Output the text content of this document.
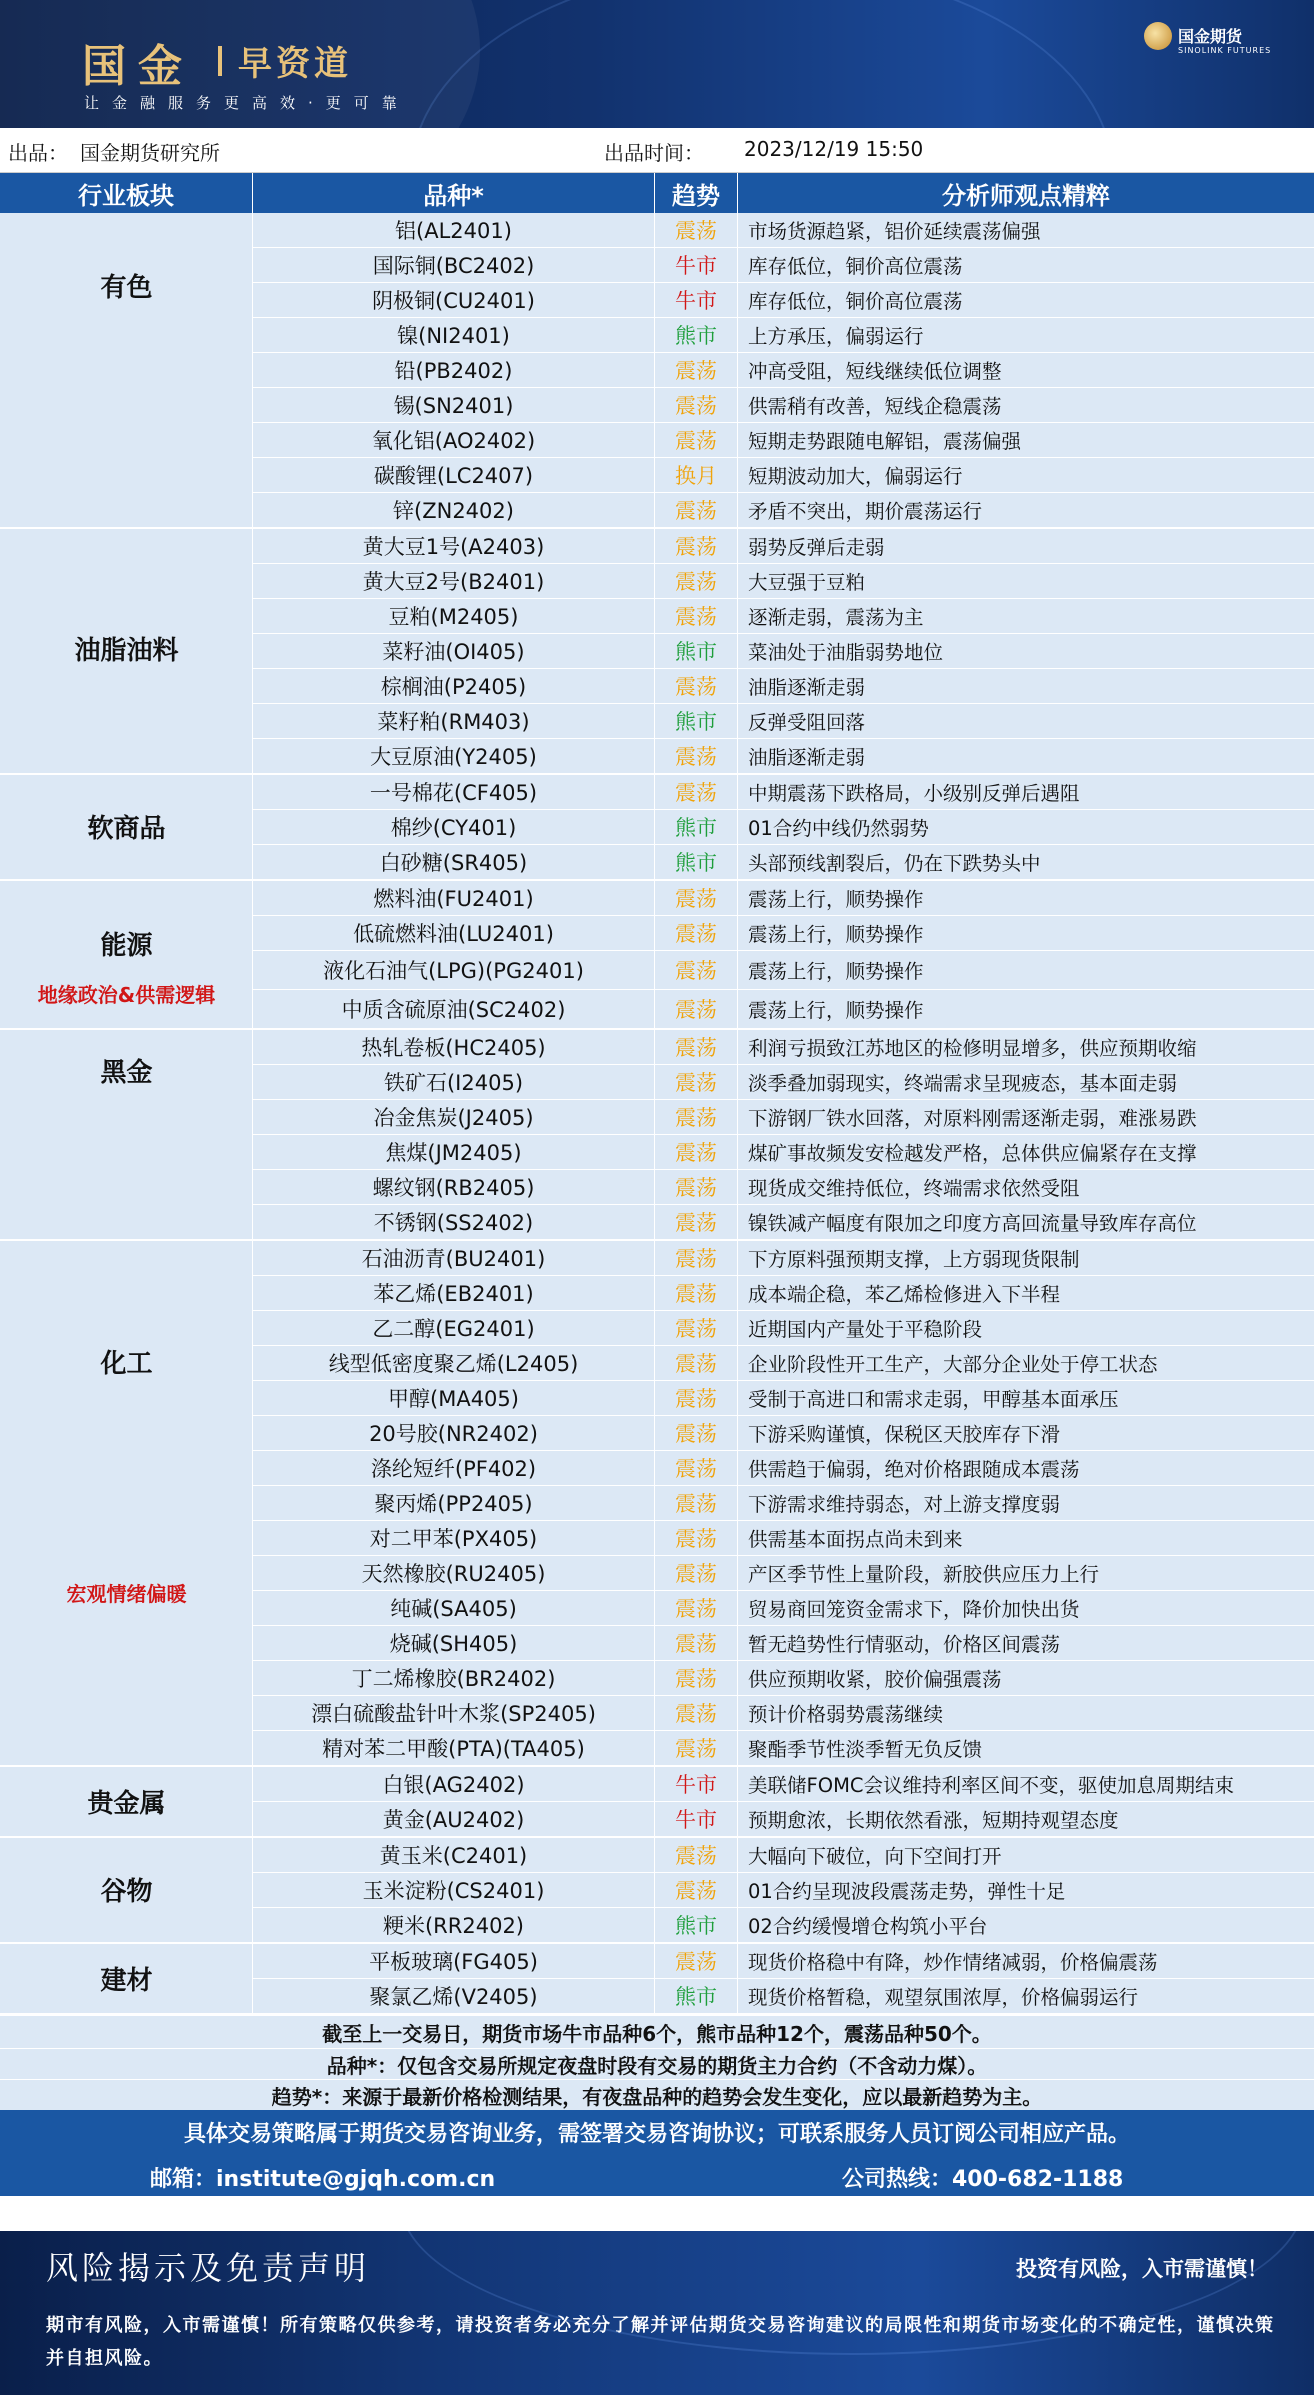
国金 早资道
让金融服务更高效·更可靠
国金期货
SINOLINK FUTURES
出品： 国金期货研究所	出品时间： 2023/12/19 15:50
行业板块	品种*	趋势	分析师观点精粹
有色
铝(AL2401)	震荡	市场货源趋紧，铝价延续震荡偏强
国际铜(BC2402)	牛市	库存低位，铜价高位震荡
阴极铜(CU2401)	牛市	库存低位，铜价高位震荡
镍(NI2401)	熊市	上方承压，偏弱运行
铅(PB2402)	震荡	冲高受阻，短线继续低位调整
锡(SN2401)	震荡	供需稍有改善，短线企稳震荡
氧化铝(AO2402)	震荡	短期走势跟随电解铝，震荡偏强
碳酸锂(LC2407)	换月	短期波动加大，偏弱运行
锌(ZN2402)	震荡	矛盾不突出，期价震荡运行
油脂油料
黄大豆1号(A2403)	震荡	弱势反弹后走弱
黄大豆2号(B2401)	震荡	大豆强于豆粕
豆粕(M2405)	震荡	逐渐走弱，震荡为主
菜籽油(OI405)	熊市	菜油处于油脂弱势地位
棕榈油(P2405)	震荡	油脂逐渐走弱
菜籽粕(RM403)	熊市	反弹受阻回落
大豆原油(Y2405)	震荡	油脂逐渐走弱
软商品
一号棉花(CF405)	震荡	中期震荡下跌格局，小级别反弹后遇阻
棉纱(CY401)	熊市	01合约中线仍然弱势
白砂糖(SR405)	熊市	头部预线割裂后，仍在下跌势头中
能源
地缘政治&供需逻辑
燃料油(FU2401)	震荡	震荡上行，顺势操作
低硫燃料油(LU2401)	震荡	震荡上行，顺势操作
液化石油气(LPG)(PG2401)	震荡	震荡上行，顺势操作
中质含硫原油(SC2402)	震荡	震荡上行，顺势操作
黑金
热轧卷板(HC2405)	震荡	利润亏损致江苏地区的检修明显增多，供应预期收缩
铁矿石(I2405)	震荡	淡季叠加弱现实，终端需求呈现疲态，基本面走弱
冶金焦炭(J2405)	震荡	下游钢厂铁水回落，对原料刚需逐渐走弱，难涨易跌
焦煤(JM2405)	震荡	煤矿事故频发安检越发严格，总体供应偏紧存在支撑
螺纹钢(RB2405)	震荡	现货成交维持低位，终端需求依然受阻
不锈钢(SS2402)	震荡	镍铁减产幅度有限加之印度方高回流量导致库存高位
化工
宏观情绪偏暖
石油沥青(BU2401)	震荡	下方原料强预期支撑，上方弱现货限制
苯乙烯(EB2401)	震荡	成本端企稳，苯乙烯检修进入下半程
乙二醇(EG2401)	震荡	近期国内产量处于平稳阶段
线型低密度聚乙烯(L2405)	震荡	企业阶段性开工生产，大部分企业处于停工状态
甲醇(MA405)	震荡	受制于高进口和需求走弱，甲醇基本面承压
20号胶(NR2402)	震荡	下游采购谨慎，保税区天胶库存下滑
涤纶短纤(PF402)	震荡	供需趋于偏弱，绝对价格跟随成本震荡
聚丙烯(PP2405)	震荡	下游需求维持弱态，对上游支撑度弱
对二甲苯(PX405)	震荡	供需基本面拐点尚未到来
天然橡胶(RU2405)	震荡	产区季节性上量阶段，新胶供应压力上行
纯碱(SA405)	震荡	贸易商回笼资金需求下，降价加快出货
烧碱(SH405)	震荡	暂无趋势性行情驱动，价格区间震荡
丁二烯橡胶(BR2402)	震荡	供应预期收紧，胶价偏强震荡
漂白硫酸盐针叶木浆(SP2405)	震荡	预计价格弱势震荡继续
精对苯二甲酸(PTA)(TA405)	震荡	聚酯季节性淡季暂无负反馈
贵金属
白银(AG2402)	牛市	美联储FOMC会议维持利率区间不变，驱使加息周期结束
黄金(AU2402)	牛市	预期愈浓，长期依然看涨，短期持观望态度
谷物
黄玉米(C2401)	震荡	大幅向下破位，向下空间打开
玉米淀粉(CS2401)	震荡	01合约呈现波段震荡走势，弹性十足
粳米(RR2402)	熊市	02合约缓慢增仓构筑小平台
建材
平板玻璃(FG405)	震荡	现货价格稳中有降，炒作情绪减弱，价格偏震荡
聚氯乙烯(V2405)	熊市	现货价格暂稳，观望氛围浓厚，价格偏弱运行
截至上一交易日，期货市场牛市品种6个，熊市品种12个，震荡品种50个。
品种*：仅包含交易所规定夜盘时段有交易的期货主力合约（不含动力煤）。
趋势*：来源于最新价格检测结果，有夜盘品种的趋势会发生变化，应以最新趋势为主。
具体交易策略属于期货交易咨询业务，需签署交易咨询协议；可联系服务人员订阅公司相应产品。
邮箱：institute@gjqh.com.cn	公司热线：400-682-1188
风险揭示及免责声明	投资有风险，入市需谨慎！
期市有风险，入市需谨慎！所有策略仅供参考，请投资者务必充分了解并评估期货交易咨询建议的局限性和期货市场变化的不确定性，谨慎决策并自担风险。
